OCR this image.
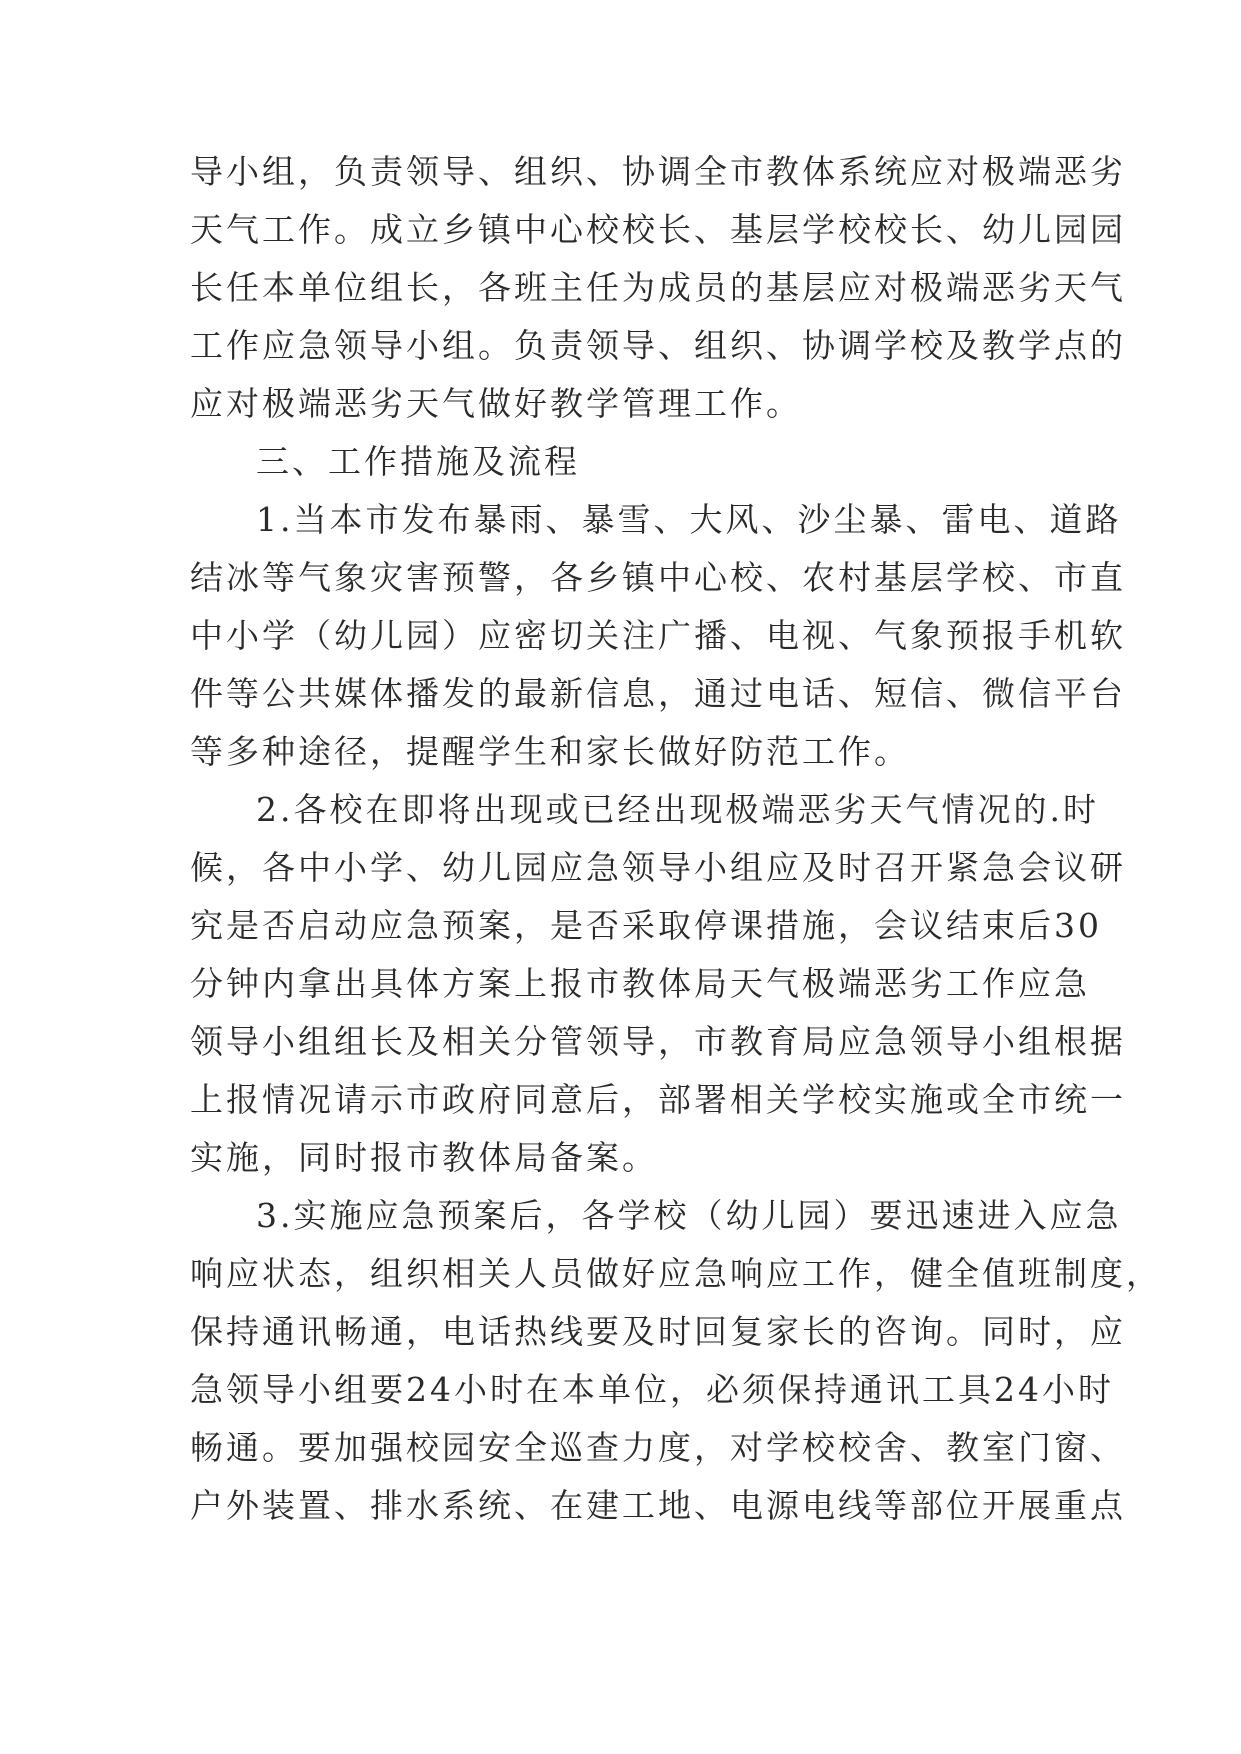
导小组，负责领导、组织、协调全市教体系统应对极端恶劣
天气工作。成立乡镇中心校校长、基层学校校长、幼儿园园
长任本单位组长，各班主任为成员的基层应对极端恶劣天气
工作应急领导小组。负责领导、组织、协调学校及教学点的
应对极端恶劣天气做好教学管理工作。
三、工作措施及流程
1.当本市发布暴雨、暴雪、大风、沙尘暴、雷电、道路
结冰等气象灾害预警，各乡镇中心校、农村基层学校、市直
中小学（幼儿园）应密切关注广播、电视、气象预报手机软
件等公共媒体播发的最新信息，通过电话、短信、微信平台
等多种途径，提醒学生和家长做好防范工作。
2.各校在即将出现或已经出现极端恶劣天气情况的.时
候，各中小学、幼儿园应急领导小组应及时召开紧急会议研
究是否启动应急预案，是否采取停课措施，会议结束后30
分钟内拿出具体方案上报市教体局天气极端恶劣工作应急
领导小组组长及相关分管领导，市教育局应急领导小组根据
上报情况请示市政府同意后，部署相关学校实施或全市统一
实施，同时报市教体局备案。
3.实施应急预案后，各学校（幼儿园）要迅速进入应急
响应状态，组织相关人员做好应急响应工作，健全值班制度，
保持通讯畅通，电话热线要及时回复家长的咨询。同时，应
急领导小组要24小时在本单位，必须保持通讯工具24小时
畅通。要加强校园安全巡查力度，对学校校舍、教室门窗、
户外装置、排水系统、在建工地、电源电线等部位开展重点
